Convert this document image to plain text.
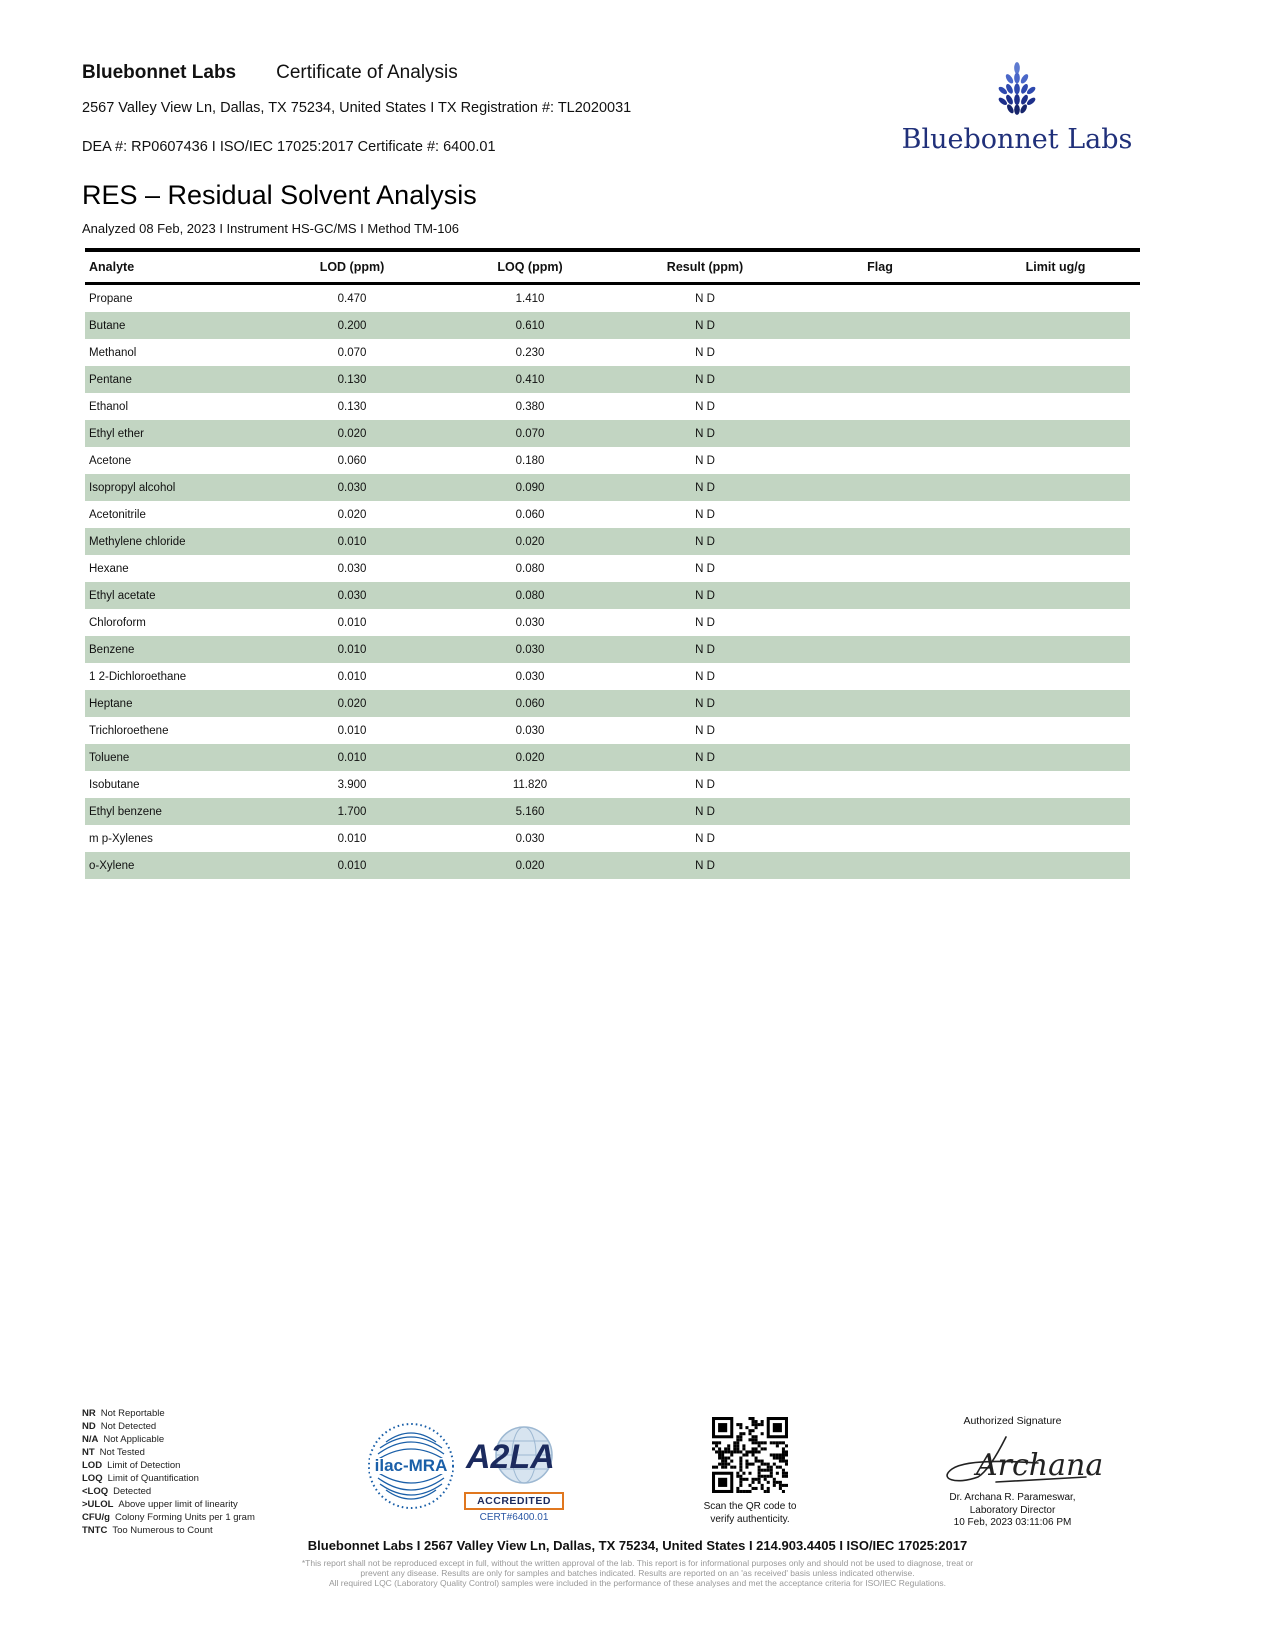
Bluebonnet Labs Certificate of Analysis
2567 Valley View Ln, Dallas, TX 75234, United States I TX Registration #: TL2020031
DEA #: RP0607436 I ISO/IEC 17025:2017 Certificate #: 6400.01	Bluebonnet Labs
RES – Residual Solvent Analysis
Analyzed 08 Feb, 2023 I Instrument HS-GC/MS I Method TM-106
Analyte	LOD (ppm)	LOQ (ppm)	Result (ppm)	Flag	Limit ug/g
Propane	0.470	1.410	N D
Butane	0.200	0.610	N D
Methanol	0.070	0.230	N D
Pentane	0.130	0.410	N D
Ethanol	0.130	0.380	N D
Ethyl ether	0.020	0.070	N D
Acetone	0.060	0.180	N D
Isopropyl alcohol	0.030	0.090	N D
Acetonitrile	0.020	0.060	N D
Methylene chloride	0.010	0.020	N D
Hexane	0.030	0.080	N D
Ethyl acetate	0.030	0.080	N D
Chloroform	0.010	0.030	N D
Benzene	0.010	0.030	N D
1 2-Dichloroethane	0.010	0.030	N D
Heptane	0.020	0.060	N D
Trichloroethene	0.010	0.030	N D
Toluene	0.010	0.020	N D
Isobutane	3.900	11.820	N D
Ethyl benzene	1.700	5.160	N D
m p-Xylenes	0.010	0.030	N D
o-Xylene	0.010	0.020	N D
NR Not Reportable
ND Not Detected
N/A Not Applicable
NT Not Tested
LOD Limit of Detection
LOQ Limit of Quantification
<LOQ Detected
>ULOL Above upper limit of linearity
CFU/g Colony Forming Units per 1 gram
TNTC Too Numerous to Count
ilac-MRA A2LA
ACCREDITED
CERT#6400.01
Scan the QR code to
verify authenticity.
Authorized Signature
Archana
Dr. Archana R. Parameswar,
Laboratory Director
10 Feb, 2023 03:11:06 PM
Bluebonnet Labs I 2567 Valley View Ln, Dallas, TX 75234, United States I 214.903.4405 I ISO/IEC 17025:2017
*This report shall not be reproduced except in full, without the written approval of the lab. This report is for informational purposes only and should not be used to diagnose, treat or
prevent any disease. Results are only for samples and batches indicated. Results are reported on an 'as received' basis unless indicated otherwise.
All required LQC (Laboratory Quality Control) samples were included in the performance of these analyses and met the acceptance criteria for ISO/IEC Regulations.
